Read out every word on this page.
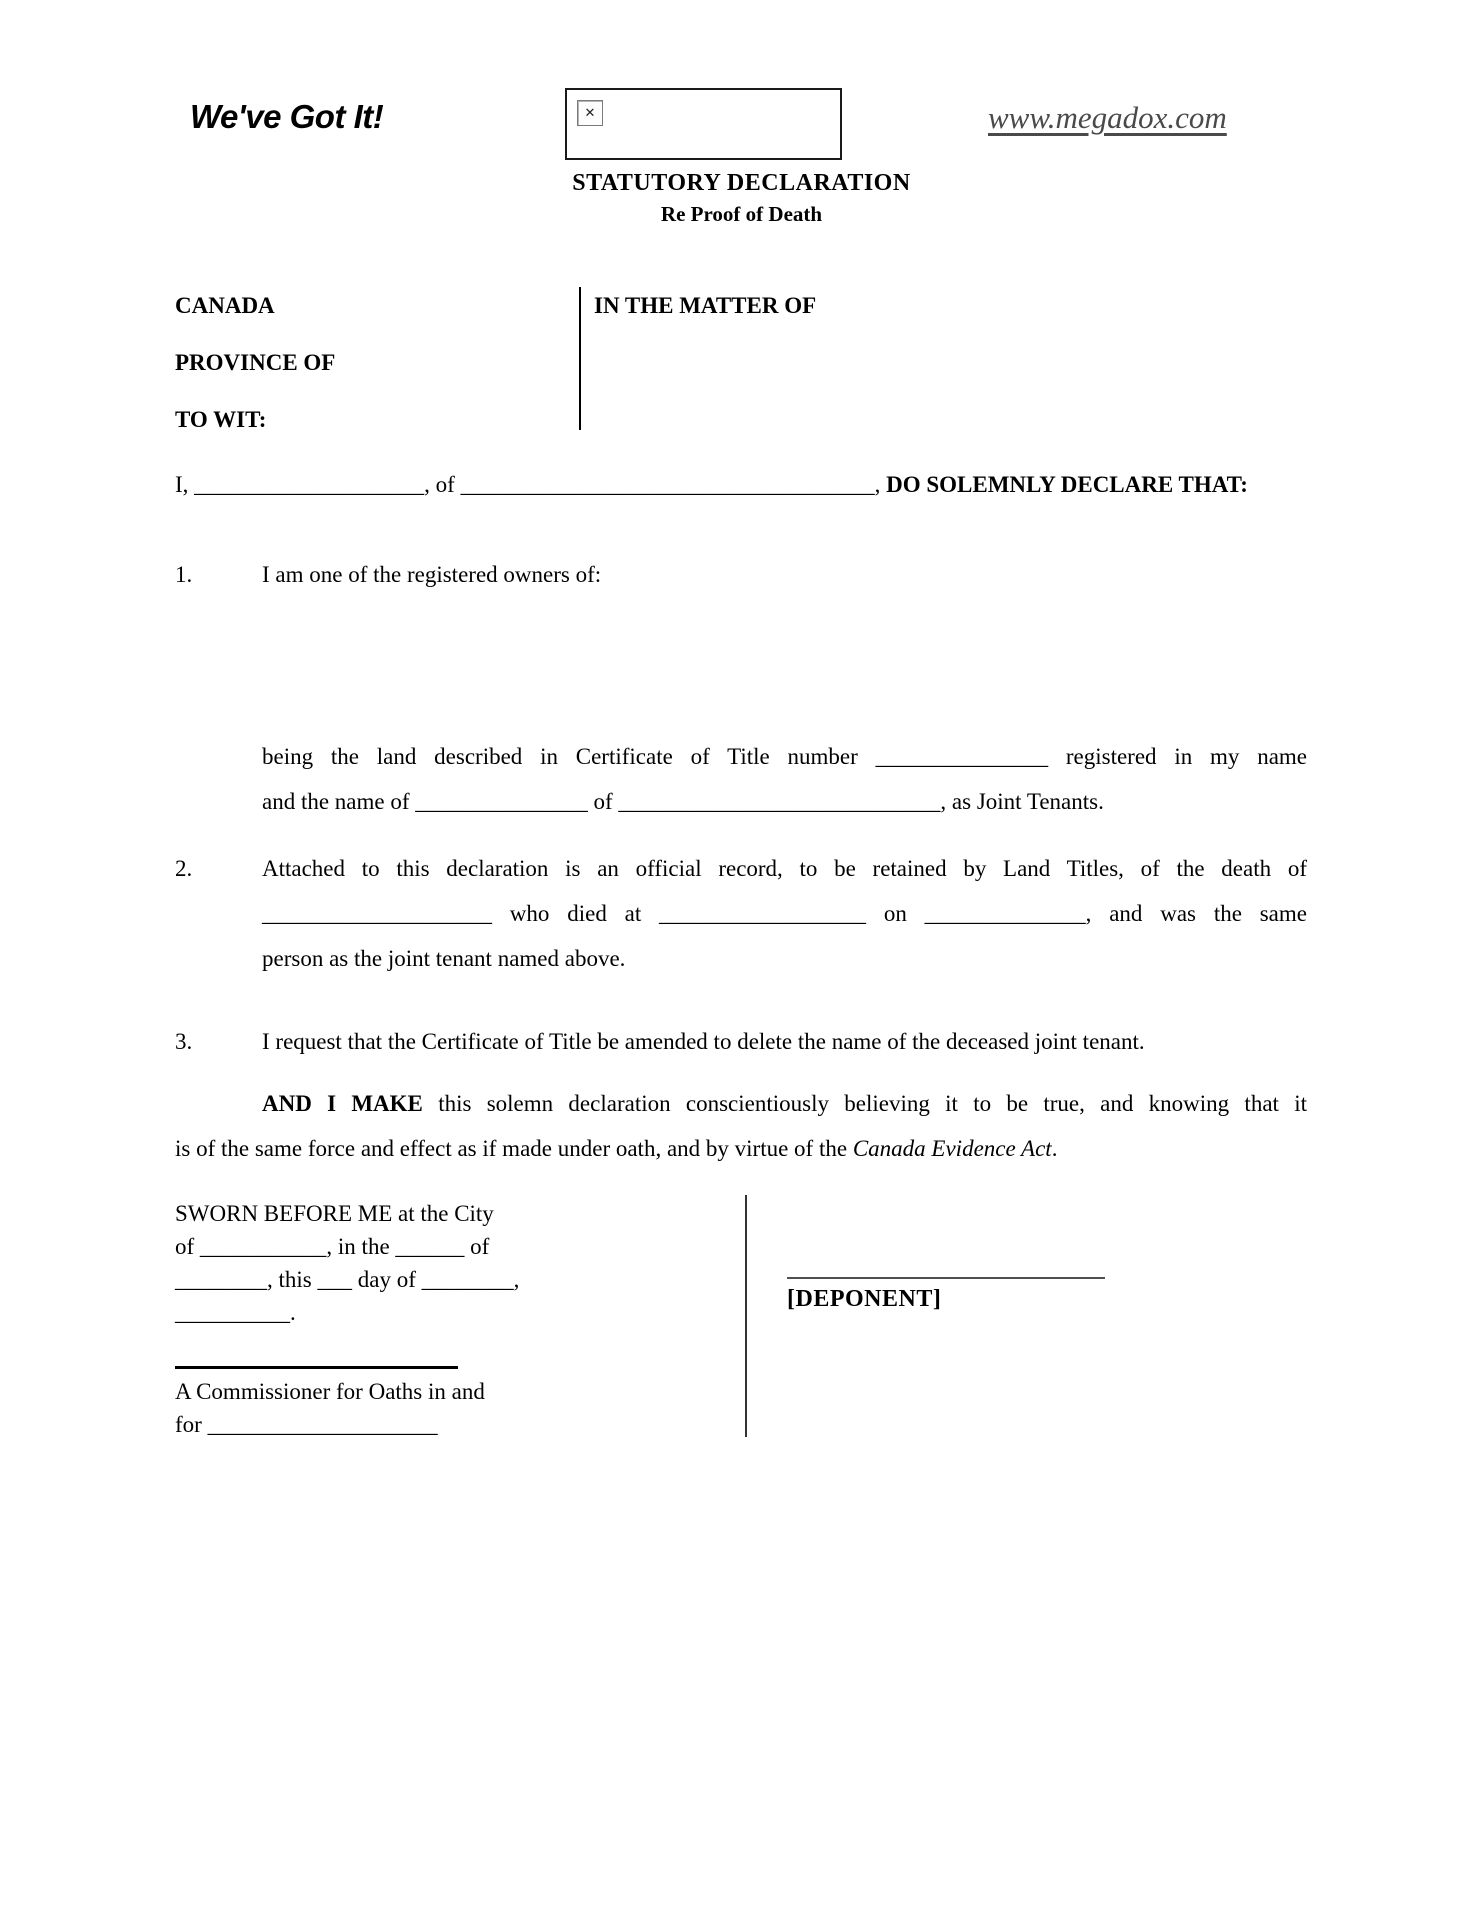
We've Got It!	✕	www.megadox.com
STATUTORY DECLARATION
Re Proof of Death
CANADA
PROVINCE OF
TO WIT:
IN THE MATTER OF
I, ____________________, of ____________________________________, DO SOLEMNLY DECLARE THAT:
1.	I am one of the registered owners of:
being the land described in Certificate of Title number _______________ registered in my name
and the name of _______________ of ____________________________, as Joint Tenants.
2.	Attached to this declaration is an official record, to be retained by Land Titles, of the death of
____________________ who died at __________________ on ______________, and was the same
person as the joint tenant named above.
3.	I request that the Certificate of Title be amended to delete the name of the deceased joint tenant.
AND I MAKE this solemn declaration conscientiously believing it to be true, and knowing that it
is of the same force and effect as if made under oath, and by virtue of the Canada Evidence Act.
SWORN BEFORE ME at the City
of ___________, in the ______ of
________, this ___ day of ________,
__________.
A Commissioner for Oaths in and
for ____________________
[DEPONENT]
